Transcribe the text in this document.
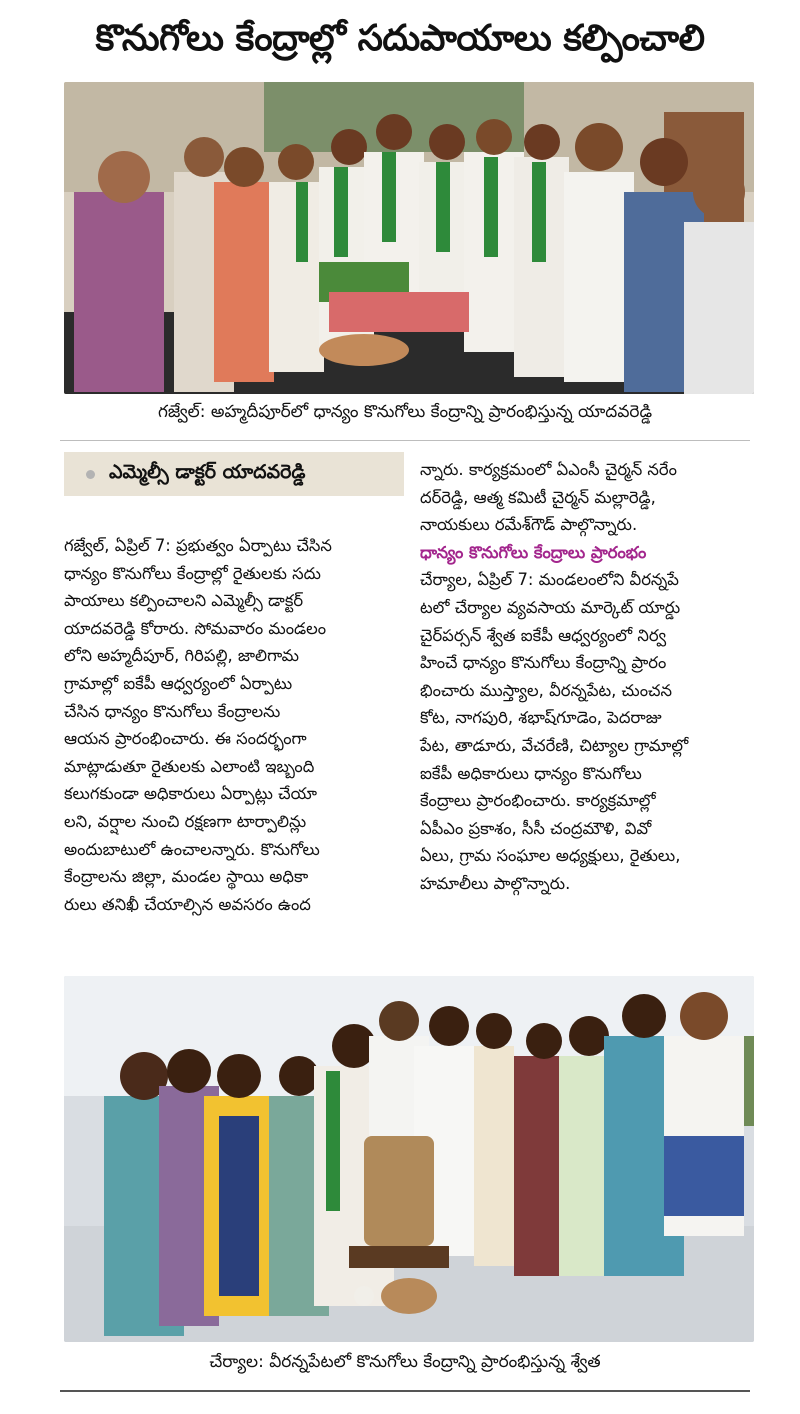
కొనుగోలు కేంద్రాల్లో సదుపాయాలు కల్పించాలి
గజ్వేల్: అహ్మదీపూర్‌లో ధాన్యం కొనుగోలు కేంద్రాన్ని ప్రారంభిస్తున్న యాదవరెడ్డి
ఎమ్మెల్సీ డాక్టర్ యాదవరెడ్డి

గజ్వేల్, ఏప్రిల్ 7: ప్రభుత్వం ఏర్పాటు చేసిన

ధాన్యం కొనుగోలు కేంద్రాల్లో రైతులకు సదు

పాయాలు కల్పించాలని ఎమ్మెల్సీ డాక్టర్

యాదవరెడ్డి కోరారు. సోమవారం మండలం

లోని అహ్మదీపూర్, గిరిపల్లి, జాలిగామ

గ్రామాల్లో ఐకేపీ ఆధ్వర్యంలో ఏర్పాటు

చేసిన ధాన్యం కొనుగోలు కేంద్రాలను

ఆయన ప్రారంభించారు. ఈ సందర్భంగా

మాట్లాడుతూ రైతులకు ఎలాంటి ఇబ్బంది

కలుగకుండా అధికారులు ఏర్పాట్లు చేయా

లని, వర్షాల నుంచి రక్షణగా టార్పాలిన్లు

అందుబాటులో ఉంచాలన్నారు. కొనుగోలు

కేంద్రాలను జిల్లా, మండల స్థాయి అధికా

రులు తనిఖీ చేయాల్సిన అవసరం ఉంద

న్నారు. కార్యక్రమంలో ఏఎంసీ చైర్మన్ నరేం

దర్‌రెడ్డి, ఆత్మ కమిటీ చైర్మన్ మల్లారెడ్డి,

నాయకులు రమేశ్‌గౌడ్ పాల్గొన్నారు.

ధాన్యం కొనుగోలు కేంద్రాలు ప్రారంభం

చేర్యాల, ఏప్రిల్ 7: మండలంలోని వీరన్నపే

టలో చేర్యాల వ్యవసాయ మార్కెట్ యార్డు

చైర్‌పర్సన్ శ్వేత ఐకేపీ ఆధ్వర్యంలో నిర్వ

హించే ధాన్యం కొనుగోలు కేంద్రాన్ని ప్రారం

భించారు ముస్త్యాల, వీరన్నపేట, చుంచన

కోట, నాగపురి, శభాష్‌గూడెం, పెదరాజు

పేట, తాడూరు, వేచరేణి, చిట్యాల గ్రామాల్లో

ఐకేపీ అధికారులు ధాన్యం కొనుగోలు

కేంద్రాలు ప్రారంభించారు. కార్యక్రమాల్లో

ఏపీఎం ప్రకాశం, సీసీ చంద్రమౌళి, వివో

ఏలు, గ్రామ సంఘాల అధ్యక్షులు, రైతులు,

హమాలీలు పాల్గొన్నారు.

చేర్యాల: వీరన్నపేటలో కొనుగోలు కేంద్రాన్ని ప్రారంభిస్తున్న శ్వేత
